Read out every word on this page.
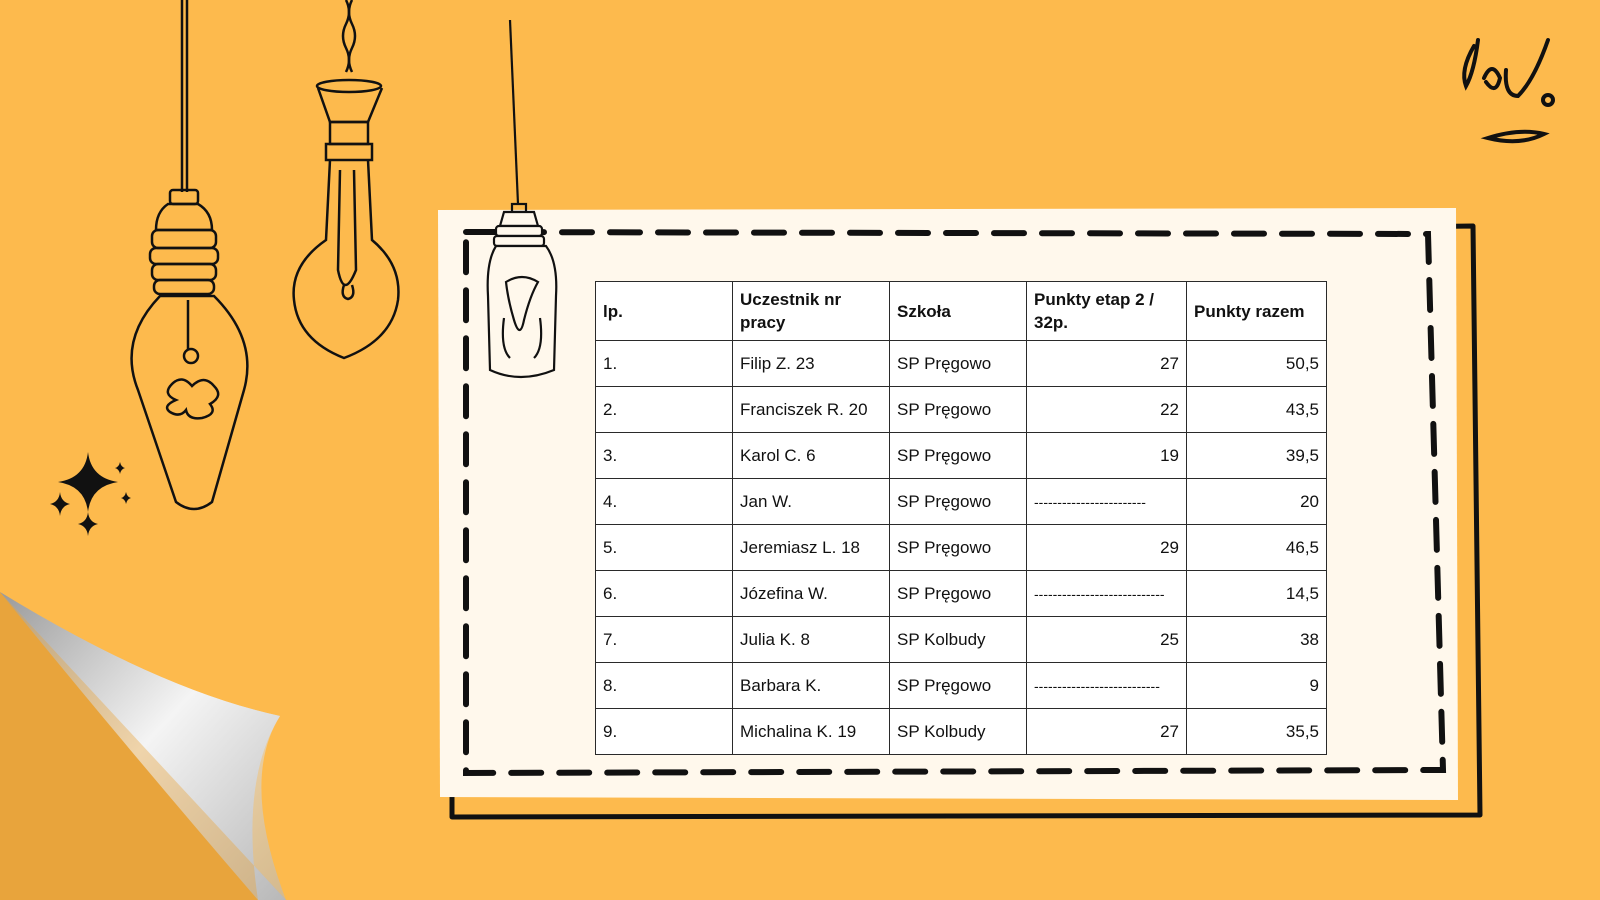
lp.	Uczestnik nr pracy	Szkoła	Punkty etap 2 / 32p.	Punkty razem
1.	Filip Z. 23	SP Pręgowo	27	50,5
2.	Franciszek R. 20	SP Pręgowo	22	43,5
3.	Karol C. 6	SP Pręgowo	19	39,5
4.	Jan W.	SP Pręgowo	------------------------	20
5.	Jeremiasz L. 18	SP Pręgowo	29	46,5
6.	Józefina W.	SP Pręgowo	----------------------------	14,5
7.	Julia K. 8	SP Kolbudy	25	38
8.	Barbara K.	SP Pręgowo	---------------------------	9
9.	Michalina K. 19	SP Kolbudy	27	35,5
